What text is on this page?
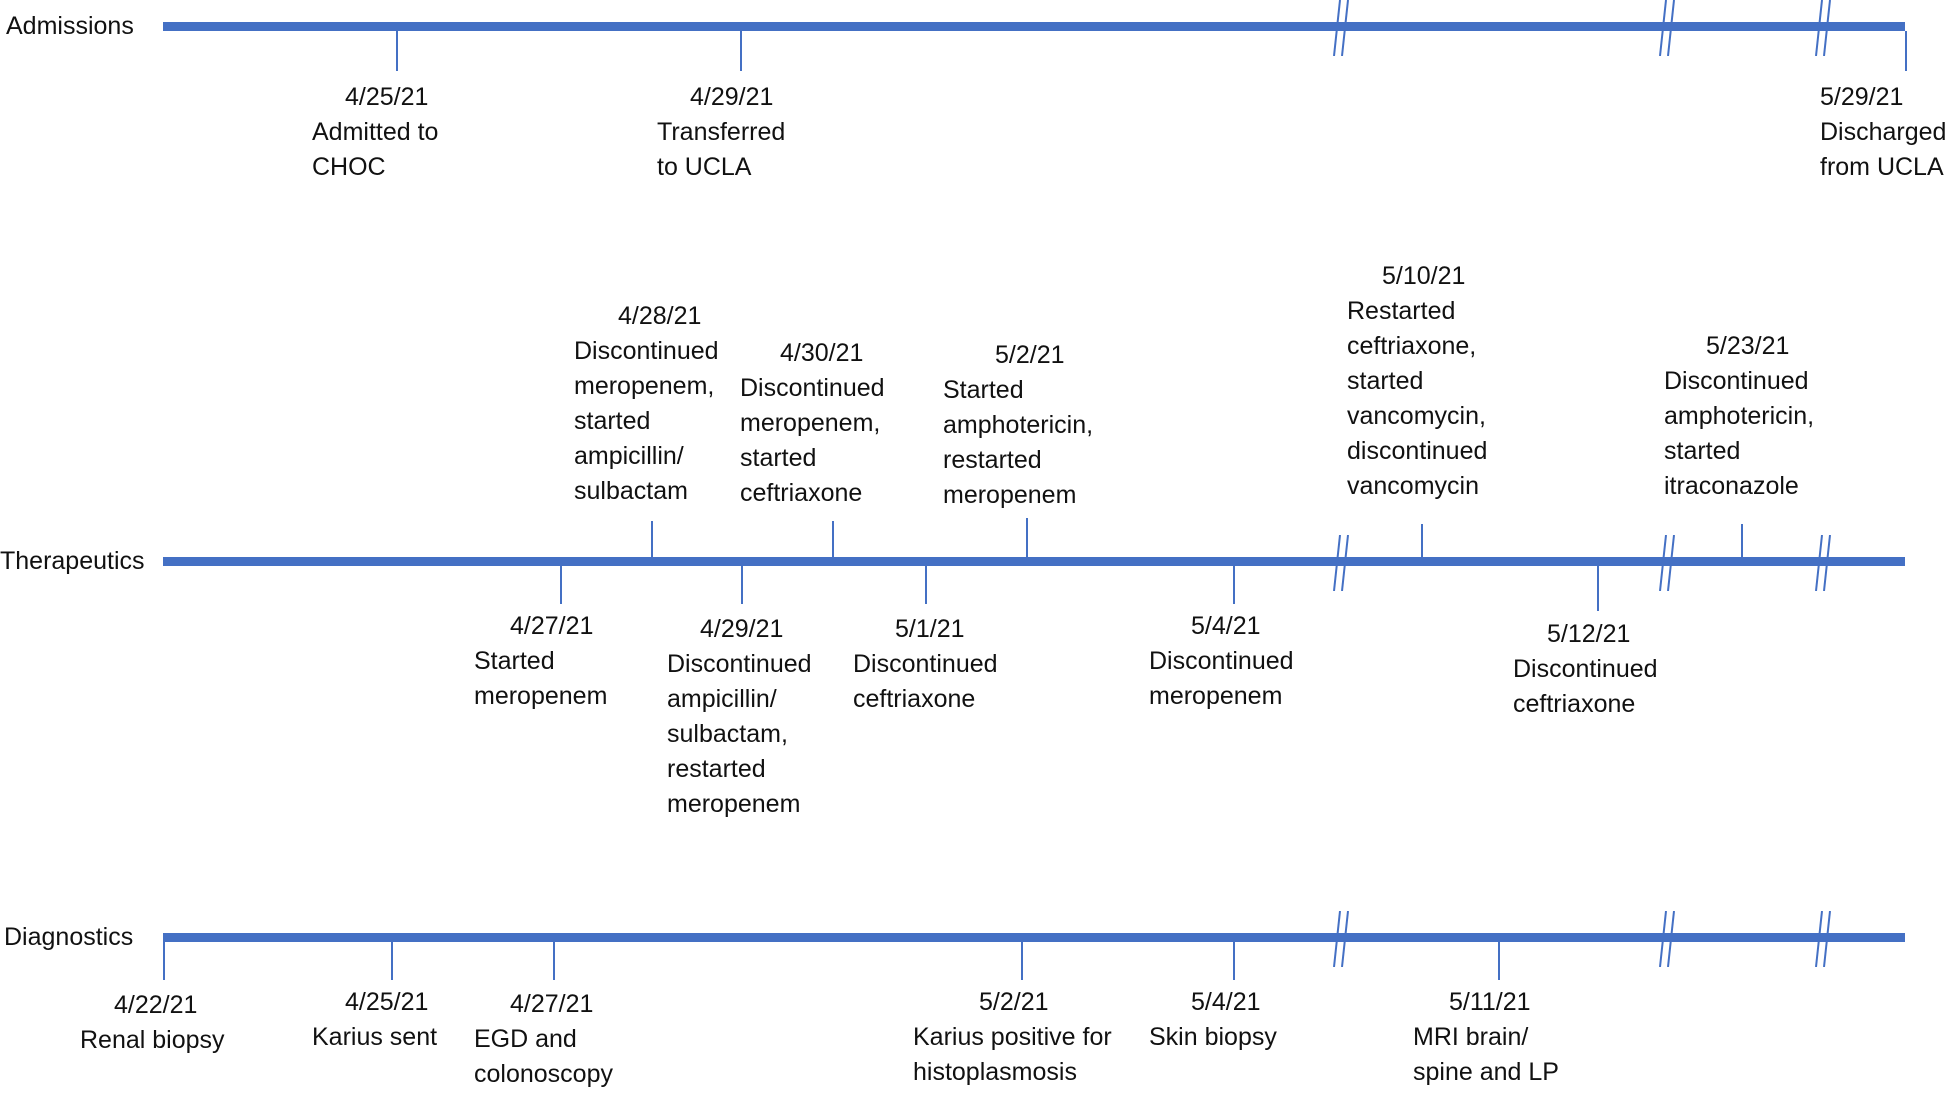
Admissions
4/25/21
Admitted to
CHOC
4/29/21
Transferred
to UCLA
5/29/21
Discharged
from UCLA
Therapeutics
4/28/21
Discontinued
meropenem,
started
ampicillin/
sulbactam
4/30/21
Discontinued
meropenem,
started
ceftriaxone
5/2/21
Started
amphotericin,
restarted
meropenem
5/10/21
Restarted
ceftriaxone,
started
vancomycin,
discontinued
vancomycin
5/23/21
Discontinued
amphotericin,
started
itraconazole
4/27/21
Started
meropenem
4/29/21
Discontinued
ampicillin/
sulbactam,
restarted
meropenem
5/1/21
Discontinued
ceftriaxone
5/4/21
Discontinued
meropenem
5/12/21
Discontinued
ceftriaxone
Diagnostics
4/22/21
Renal biopsy
4/25/21
Karius sent
4/27/21
EGD and
colonoscopy
5/2/21
Karius positive for
histoplasmosis
5/4/21
Skin biopsy
5/11/21
MRI brain/
spine and LP
